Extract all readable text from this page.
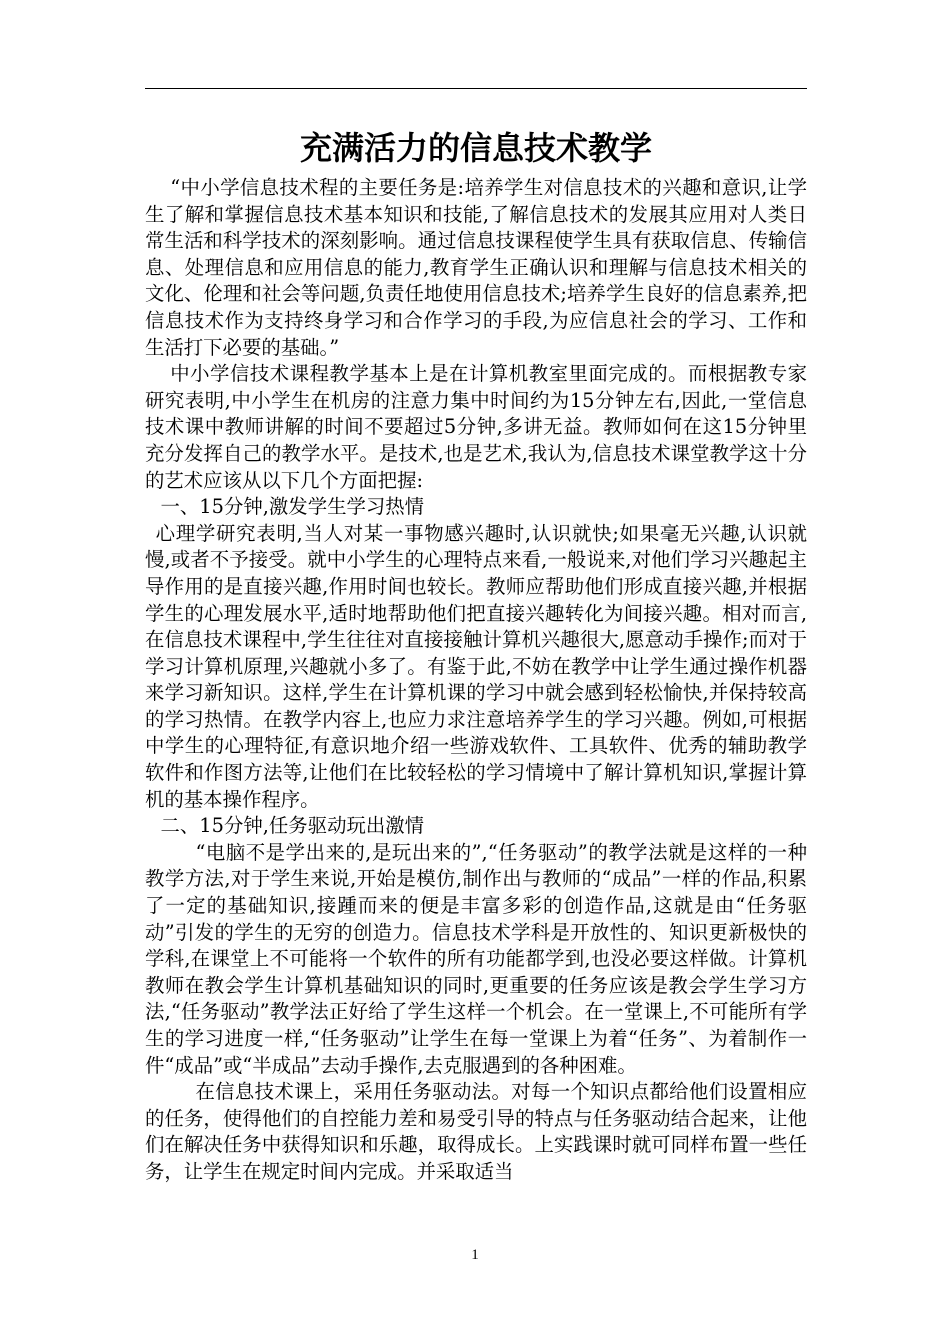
充满活力的信息技术教学

“中小学信息技术程的主要任务是:培养学生对信息技术的兴趣和意识,让学生了解和掌握信息技术基本知识和技能,了解信息技术的发展其应用对人类日常生活和科学技术的深刻影响。通过信息技课程使学生具有获取信息、传输信息、处理信息和应用信息的能力,教育学生正确认识和理解与信息技术相关的文化、伦理和社会等问题,负责任地使用信息技术;培养学生良好的信息素养,把信息技术作为支持终身学习和合作学习的手段,为应信息社会的学习、工作和生活打下必要的基础。”

中小学信技术课程教学基本上是在计算机教室里面完成的。而根据教专家研究表明,中小学生在机房的注意力集中时间约为15分钟左右,因此,一堂信息技术课中教师讲解的时间不要超过5分钟,多讲无益。教师如何在这15分钟里充分发挥自己的教学水平。是技术,也是艺术,我认为,信息技术课堂教学这十分的艺术应该从以下几个方面把握:

一、15分钟,激发学生学习热情

心理学研究表明,当人对某一事物感兴趣时,认识就快;如果毫无兴趣,认识就慢,或者不予接受。就中小学生的心理特点来看,一般说来,对他们学习兴趣起主导作用的是直接兴趣,作用时间也较长。教师应帮助他们形成直接兴趣,并根据学生的心理发展水平,适时地帮助他们把直接兴趣转化为间接兴趣。相对而言,在信息技术课程中,学生往往对直接接触计算机兴趣很大,愿意动手操作;而对于学习计算机原理,兴趣就小多了。有鉴于此,不妨在教学中让学生通过操作机器来学习新知识。这样,学生在计算机课的学习中就会感到轻松愉快,并保持较高的学习热情。在教学内容上,也应力求注意培养学生的学习兴趣。例如,可根据中学生的心理特征,有意识地介绍一些游戏软件、工具软件、优秀的辅助教学软件和作图方法等,让他们在比较轻松的学习情境中了解计算机知识,掌握计算机的基本操作程序。

二、15分钟,任务驱动玩出激情

“电脑不是学出来的,是玩出来的”,“任务驱动”的教学法就是这样的一种教学方法,对于学生来说,开始是模仿,制作出与教师的“成品”一样的作品,积累了一定的基础知识,接踵而来的便是丰富多彩的创造作品,这就是由“任务驱动”引发的学生的无穷的创造力。信息技术学科是开放性的、知识更新极快的学科,在课堂上不可能将一个软件的所有功能都学到,也没必要这样做。计算机教师在教会学生计算机基础知识的同时,更重要的任务应该是教会学生学习方法,“任务驱动”教学法正好给了学生这样一个机会。在一堂课上,不可能所有学生的学习进度一样,“任务驱动”让学生在每一堂课上为着“任务”、为着制作一件“成品”或“半成品”去动手操作,去克服遇到的各种困难。

在信息技术课上，采用任务驱动法。对每一个知识点都给他们设置相应的任务，使得他们的自控能力差和易受引导的特点与任务驱动结合起来，让他们在解决任务中获得知识和乐趣，取得成长。上实践课时就可同样布置一些任务，让学生在规定时间内完成。并采取适当

1
